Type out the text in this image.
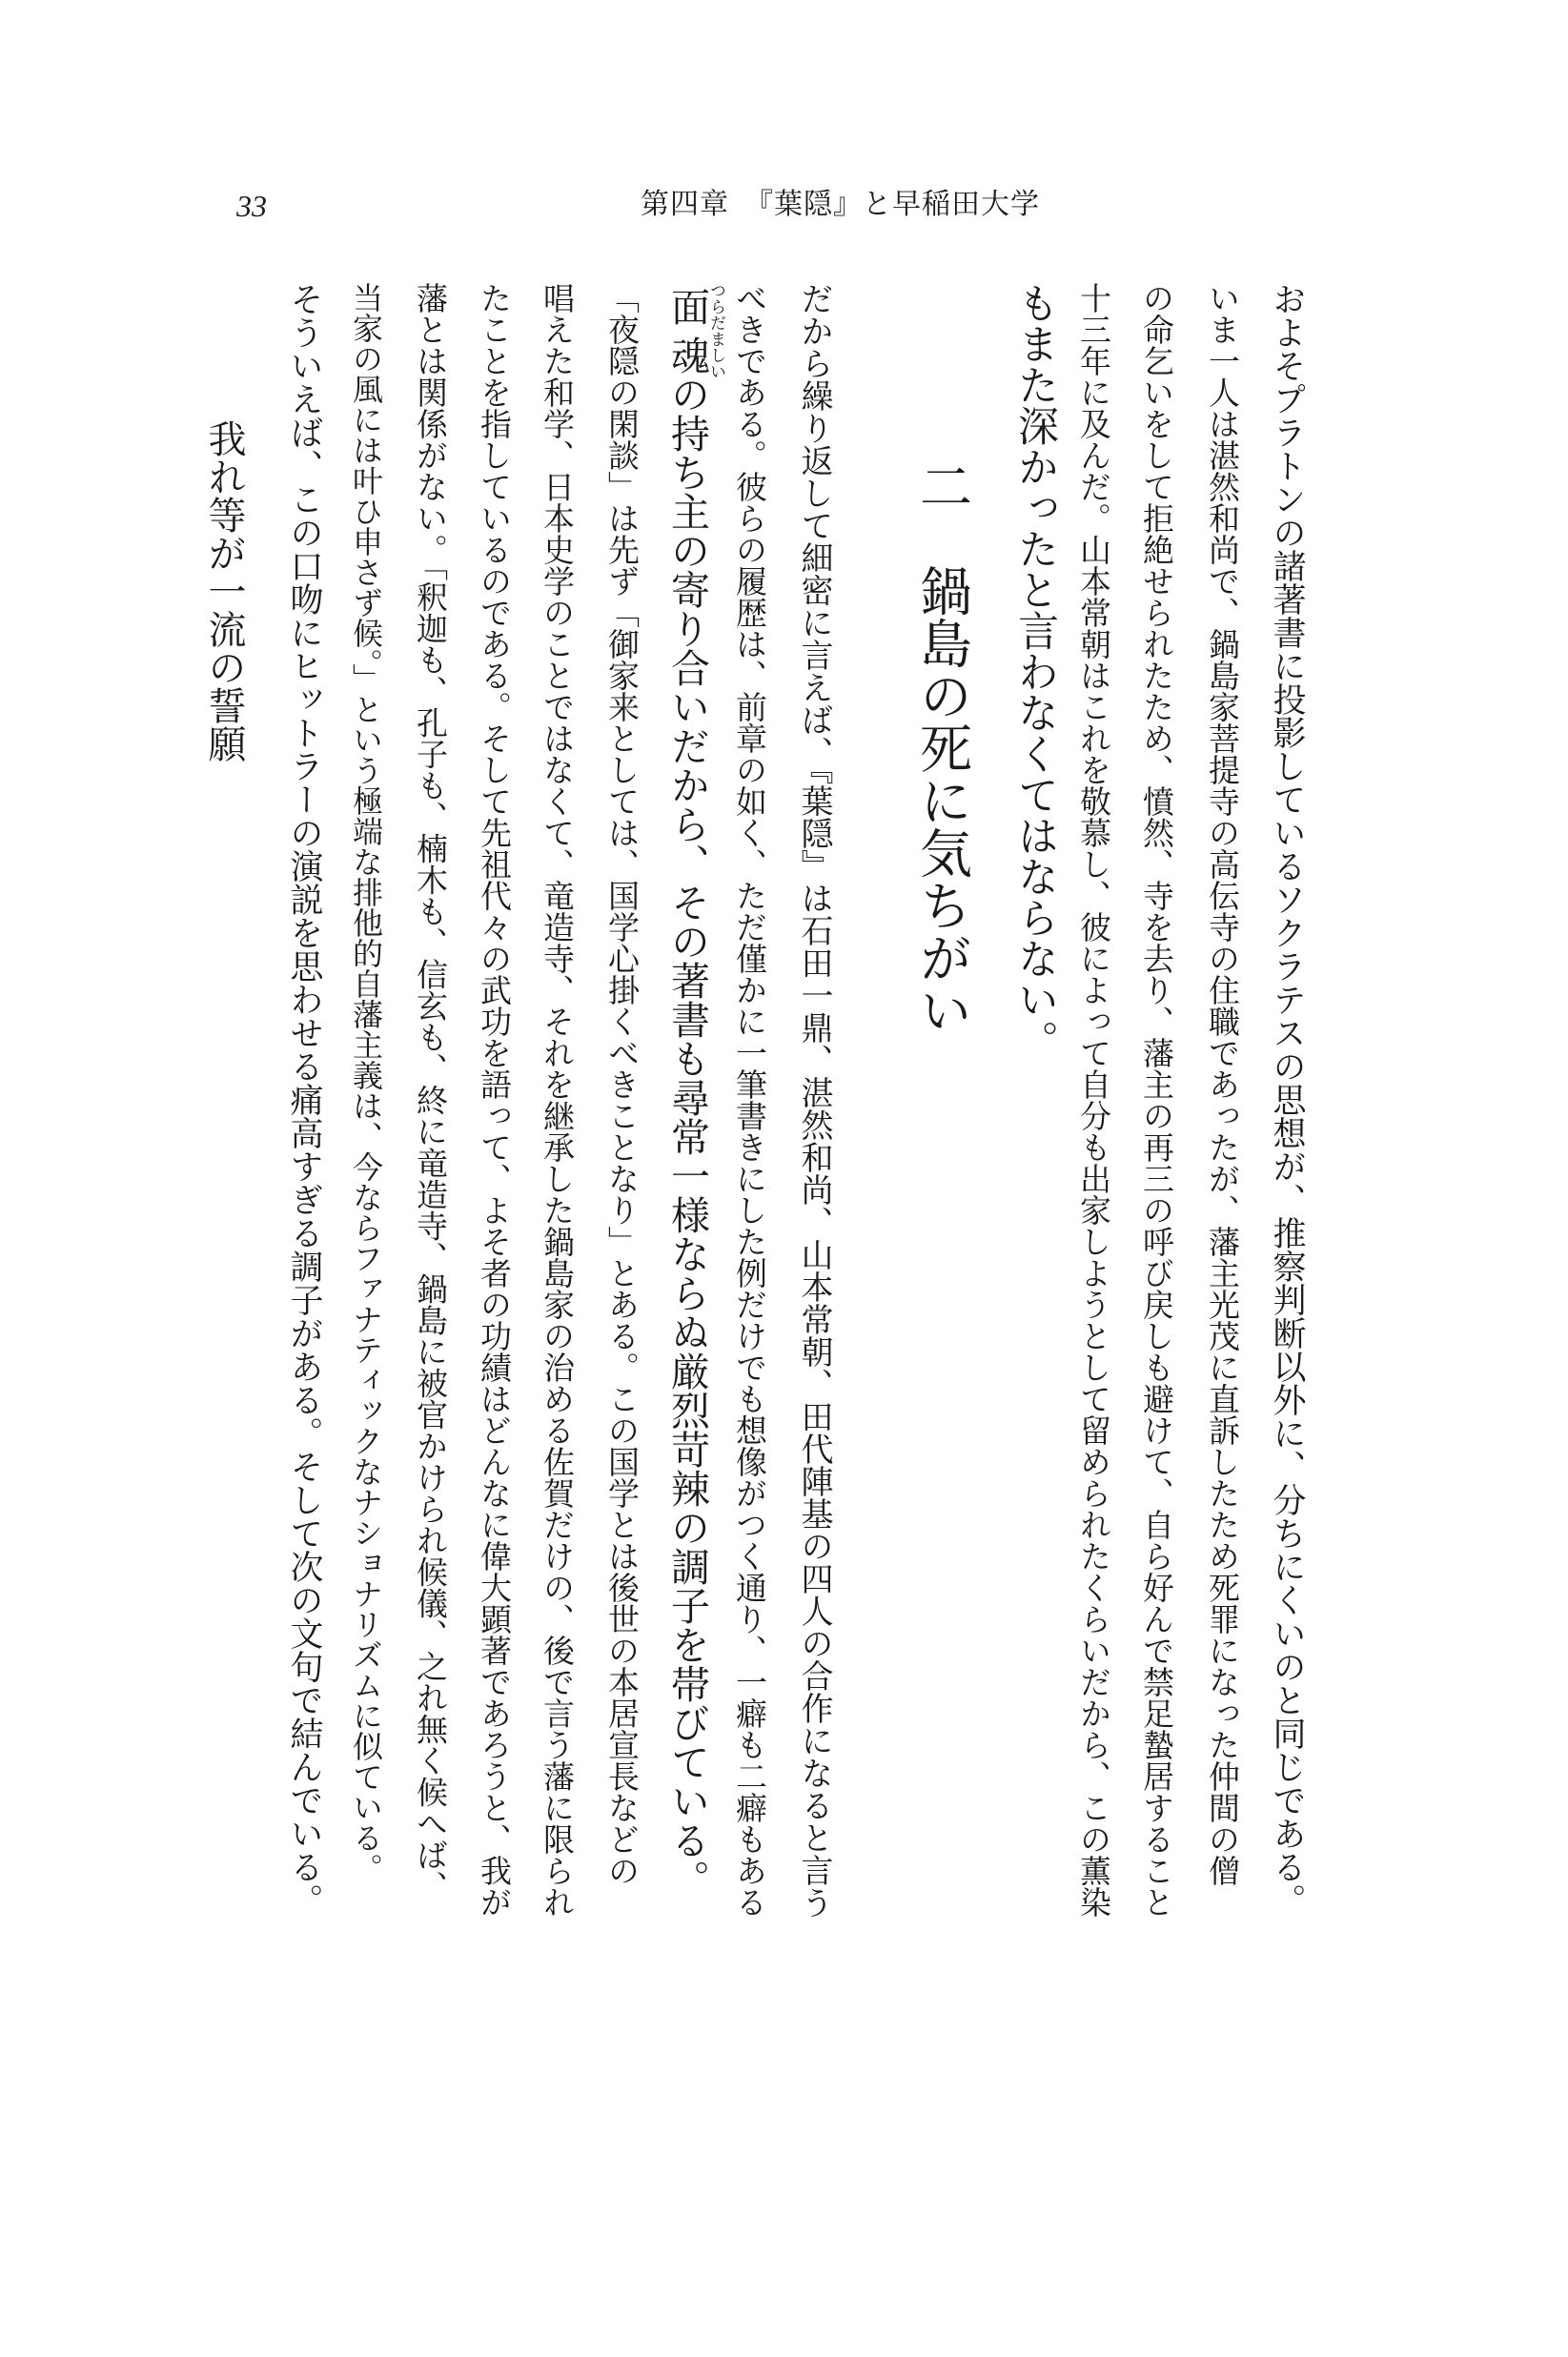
33	第四章　『葉隠』と早稲田大学
およそプラトンの諸著書に投影しているソクラテスの思想が、推察判断以外に、分ちにくいのと同じである。
いま一人は湛然和尚で、鍋島家菩提寺の高伝寺の住職であったが、藩主光茂に直訴したため死罪になった仲間の僧
の命乞いをして拒絶せられたため、憤然、寺を去り、藩主の再三の呼び戻しも避けて、自ら好んで禁足蟄居すること
十三年に及んだ。山本常朝はこれを敬慕し、彼によって自分も出家しようとして留められたくらいだから、この薫染
もまた深かったと言わなくてはならない。
二　鍋島の死に気ちがい
だから繰り返して細密に言えば、『葉隠』は石田一鼎、湛然和尚、山本常朝、田代陣基の四人の合作になると言う
べきである。彼らの履歴は、前章の如く、ただ僅かに一筆書きにした例だけでも想像がつく通り、一癖も二癖もある
面魂つらだましいの持ち主の寄り合いだから、その著書も尋常一様ならぬ厳烈苛辣の調子を帯びている。
「夜隠の閑談」は先ず「御家来としては、国学心掛くべきことなり」とある。この国学とは後世の本居宣長などの
唱えた和学、日本史学のことではなくて、竜造寺、それを継承した鍋島家の治める佐賀だけの、後で言う藩に限られ
たことを指しているのである。そして先祖代々の武功を語って、よそ者の功績はどんなに偉大顕著であろうと、我が
藩とは関係がない。「釈迦も、孔子も、楠木も、信玄も、終に竜造寺、鍋島に被官かけられ候儀、之れ無く候へば、
当家の風には叶ひ申さず候。」という極端な排他的自藩主義は、今ならファナティックなナショナリズムに似ている。
そういえば、この口吻にヒットラーの演説を思わせる痛高すぎる調子がある。そして次の文句で結んでいる。
我れ等が一流の誓願
